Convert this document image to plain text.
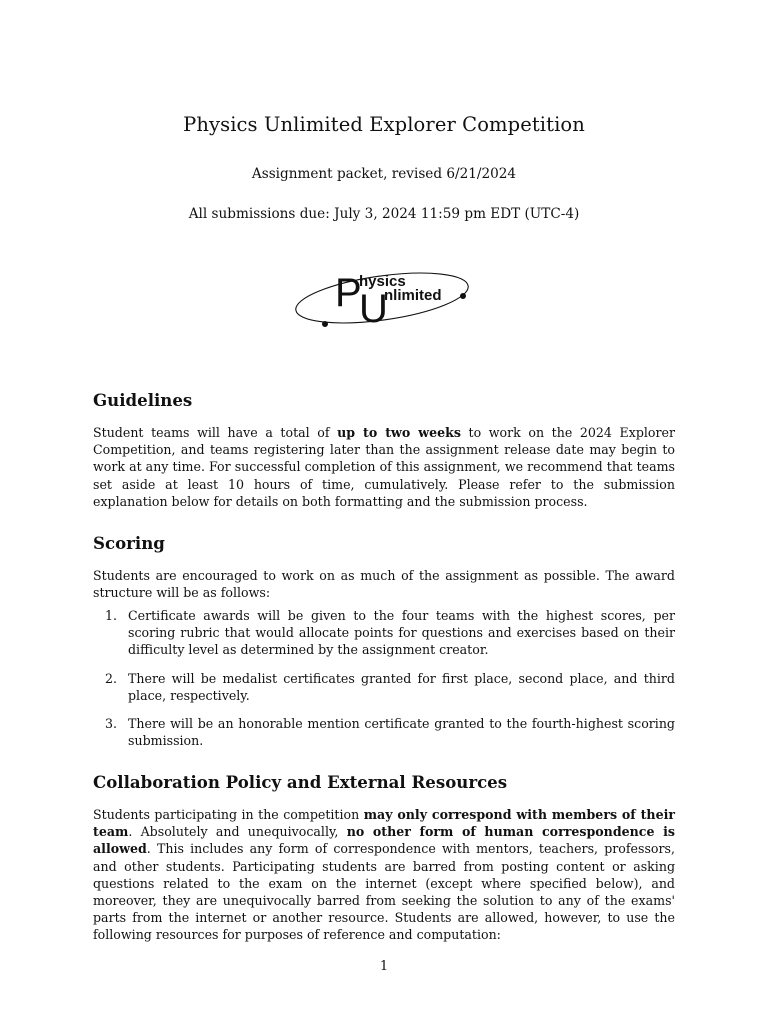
Physics Unlimited Explorer Competition
Assignment packet, revised 6/21/2024
All submissions due: July 3, 2024 11:59 pm EDT (UTC-4)
P
U
hysics
nlimited
Guidelines

Student teams will have a total of up to two weeks to work on the 2024 Explorer Competition, and teams registering later than the assignment release date may begin to work at any time. For successful completion of this assignment, we recommend that teams set aside at least 10 hours of time, cumulatively. Please refer to the submission explanation below for details on both formatting and the submission process.

Scoring

Students are encouraged to work on as much of the assignment as possible. The award structure will be as follows:

1. Certificate awards will be given to the four teams with the highest scores, per scoring rubric that would allocate points for questions and exercises based on their difficulty level as determined by the assignment creator.
2. There will be medalist certificates granted for first place, second place, and third place, respectively.
3. There will be an honorable mention certificate granted to the fourth-highest scoring submission.
Collaboration Policy and External Resources

Students participating in the competition may only correspond with members of their team. Absolutely and unequivocally, no other form of human correspondence is allowed. This includes any form of correspondence with mentors, teachers, professors, and other students. Participating students are barred from posting content or asking questions related to the exam on the internet (except where specified below), and moreover, they are unequivocally barred from seeking the solution to any of the exams' parts from the internet or another resource. Students are allowed, however, to use the following resources for purposes of reference and computation:

1
